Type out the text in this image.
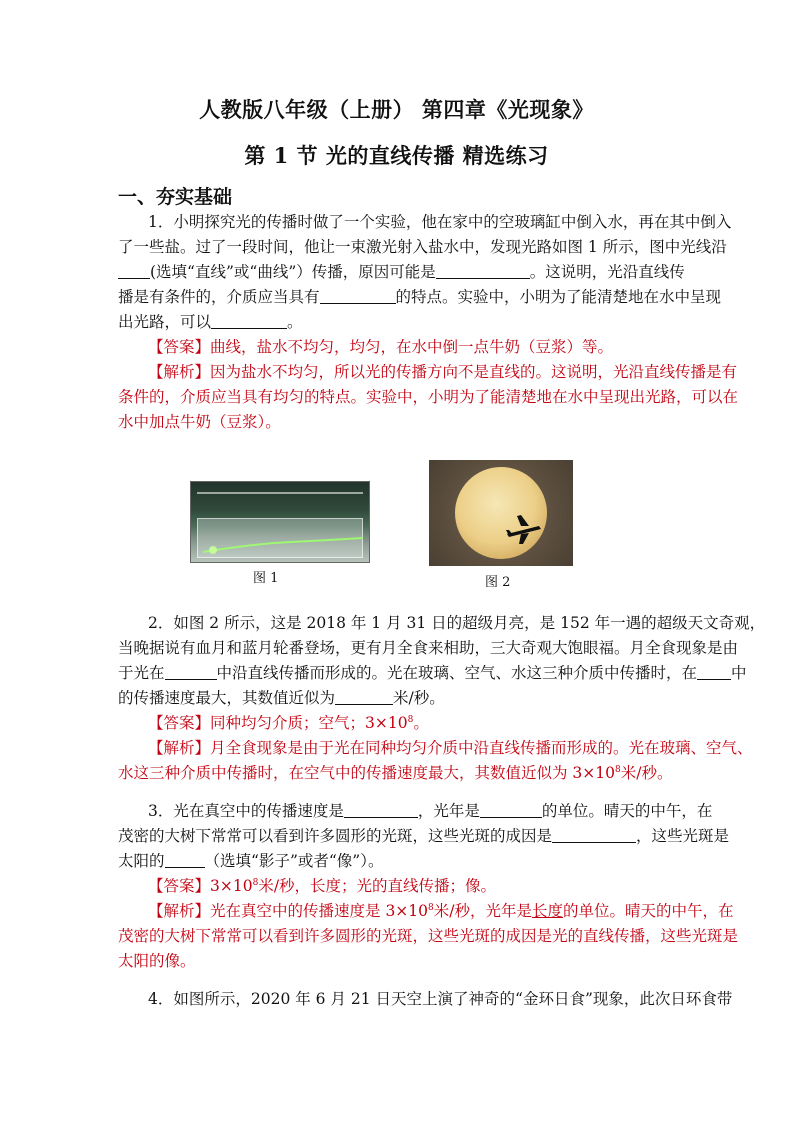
人教版八年级（上册） 第四章《光现象》
第 1 节 光的直线传播 精选练习
一、夯实基础
1．小明探究光的传播时做了一个实验，他在家中的空玻璃缸中倒入水，再在其中倒入
了一些盐。过了一段时间，他让一束激光射入盐水中，发现光路如图 1 所示，图中光线沿
(选填“直线”或“曲线”）传播，原因可能是	。这说明，光沿直线传
播是有条件的，介质应当具有	的特点。实验中，小明为了能清楚地在水中呈现
出光路，可以	。
【答案】曲线，盐水不均匀，均匀，在水中倒一点牛奶（豆浆）等。
【解析】因为盐水不均匀，所以光的传播方向不是直线的。这说明，光沿直线传播是有
条件的，介质应当具有均匀的特点。实验中，小明为了能清楚地在水中呈现出光路，可以在
水中加点牛奶（豆浆）。
图 1	图 2
2．如图 2 所示，这是 2018 年 1 月 31 日的超级月亮，是 152 年一遇的超级天文奇观，
当晚据说有血月和蓝月轮番登场，更有月全食来相助，三大奇观大饱眼福。月全食现象是由
于光在	中沿直线传播而形成的。光在玻璃、空气、水这三种介质中传播时，在 中
的传播速度最大，其数值近似为	米/秒。
【答案】同种均匀介质；空气；$3\times 10^8$。
【解析】月全食现象是由于光在同种均匀介质中沿直线传播而形成的。光在玻璃、空气、
水这三种介质中传播时，在空气中的传播速度最大，其数值近似为 $3\times 10^8$米/秒。
3．光在真空中的传播速度是	，光年是	的单位。晴天的中午，在
茂密的大树下常常可以看到许多圆形的光斑，这些光斑的成因是	，这些光斑是
太阳的	（选填“影子”或者“像”）。
【答案】$3\times 10^8$米/秒，长度；光的直线传播；像。
【解析】光在真空中的传播速度是 $3\times 10^8$米/秒，光年是长度的单位。晴天的中午，在
茂密的大树下常常可以看到许多圆形的光斑，这些光斑的成因是光的直线传播，这些光斑是
太阳的像。
4．如图所示，2020 年 6 月 21 日天空上演了神奇的“金环日食”现象，此次日环食带
